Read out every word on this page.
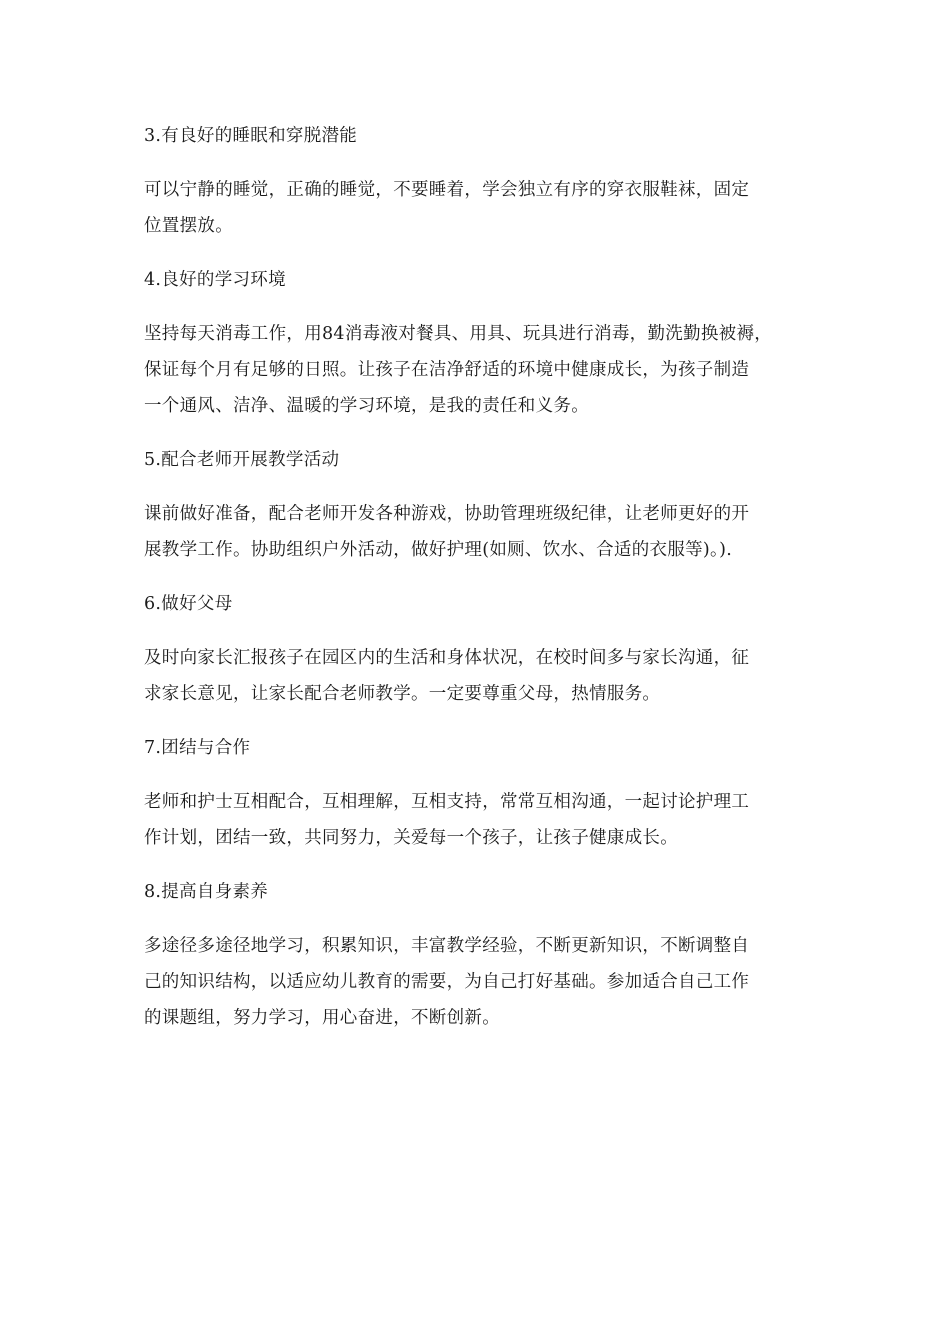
3.有良好的睡眠和穿脱潜能
可以宁静的睡觉，正确的睡觉，不要睡着，学会独立有序的穿衣服鞋袜，固定
位置摆放。
4.良好的学习环境
坚持每天消毒工作，用84消毒液对餐具、用具、玩具进行消毒，勤洗勤换被褥，
保证每个月有足够的日照。让孩子在洁净舒适的环境中健康成长，为孩子制造
一个通风、洁净、温暖的学习环境，是我的责任和义务。
5.配合老师开展教学活动
课前做好准备，配合老师开发各种游戏，协助管理班级纪律，让老师更好的开
展教学工作。协助组织户外活动，做好护理(如厕、饮水、合适的衣服等)。).
6.做好父母
及时向家长汇报孩子在园区内的生活和身体状况，在校时间多与家长沟通，征
求家长意见，让家长配合老师教学。一定要尊重父母，热情服务。
7.团结与合作
老师和护士互相配合，互相理解，互相支持，常常互相沟通，一起讨论护理工
作计划，团结一致，共同努力，关爱每一个孩子，让孩子健康成长。
8.提高自身素养
多途径多途径地学习，积累知识，丰富教学经验，不断更新知识，不断调整自
己的知识结构，以适应幼儿教育的需要，为自己打好基础。参加适合自己工作
的课题组，努力学习，用心奋进，不断创新。
